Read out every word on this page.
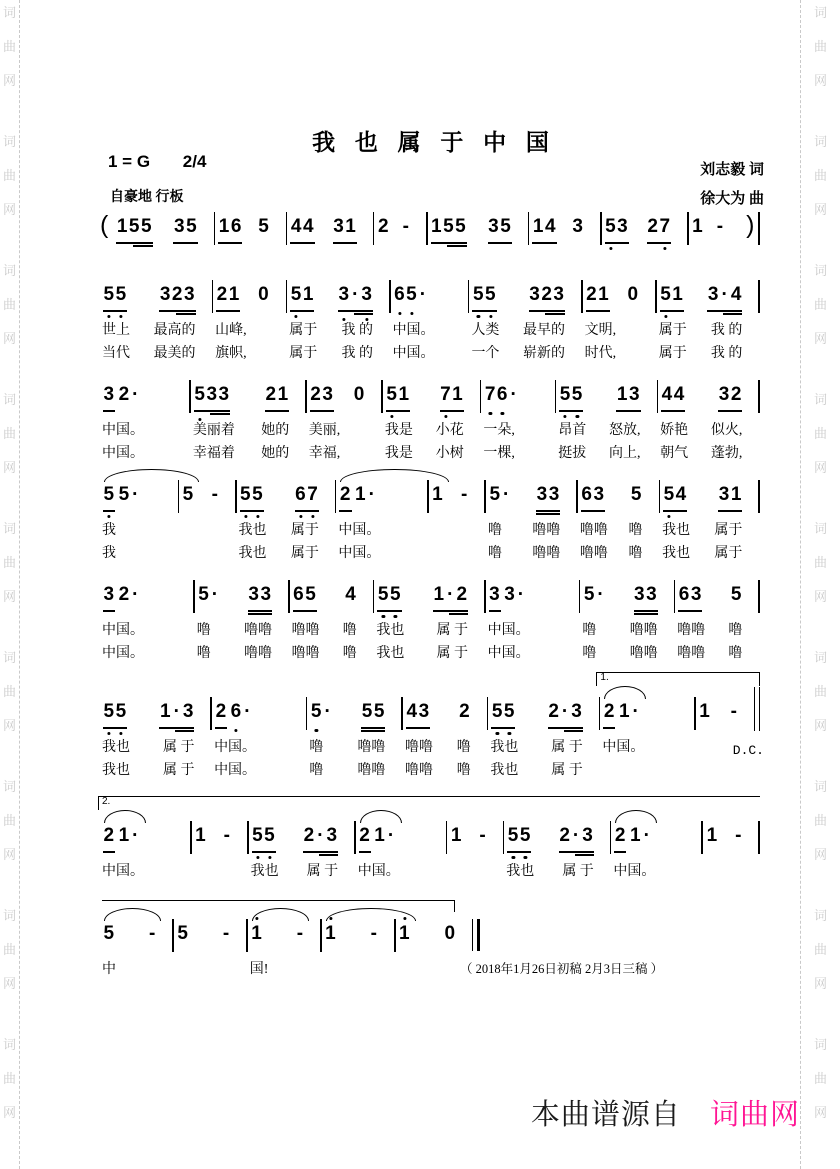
词
曲
网
词
曲
网
词
曲
网
词
曲
网
词
曲
网
词
曲
网
词
曲
网
词
曲
网
词
曲
网
词
曲
网
词
曲
网
词
曲
网
词
曲
网
词
曲
网
词
曲
网
词
曲
网
词
曲
网
词
曲
网
我 也 属 于 中 国
1 = G 2/4
自豪地 行板
刘志毅 词
徐大为 曲
( 155 35 16 5 44 31 2 - 155 35 14 3 5
3 27 1 - )
5
5 323
世上 最高的
当代 最美的
21 0
山峰,
旗帜,
5
1 3 · 3
属于 我 的
属于 我 的
6
5 ·
中国。
中国。
5
5 323
人类 最早的
一个 崭新的
21 0
文明,
时代,
5
1 3 · 4
属于 我 的
属于 我 的
3 2 ·
中国。
中国。
5
33 21
美丽着 她的
幸福着 她的
23 0
美丽,
幸福,
5
1 7
1
我是 小花
我是 小树
7
6 ·
一朵,
一棵,
5
5 13
昂首 怒放,
挺拔 向上,
44 32
娇艳 似火,
朝气 蓬勃,
5 5 ·
我
我
5 - 5
5 6
7
我也 属于
我也 属于
2 1 ·
中国。
中国。
1 - 5 · 33
噜 噜噜
噜 噜噜
63 5
噜噜 噜
噜噜 噜
5
4 31
我也 属于
我也 属于
3 2 ·
中国。
中国。
5 · 33
噜 噜噜
噜 噜噜
65 4
噜噜 噜
噜噜 噜
5
5 1 · 2
我也 属 于
我也 属 于
3 3 ·
中国。
中国。
5 · 33
噜 噜噜
噜 噜噜
63 5
噜噜 噜
噜噜 噜
5
5 1 · 3
我也 属 于
我也 属 于
2 6 ·
中国。
中国。
5 · 55
噜 噜噜
噜 噜噜
43 2
噜噜 噜
噜噜 噜
5
5 2 · 3
我也 属 于
我也 属 于
2 1 ·
中国。
1 -
1.
D.C.
2 1 ·
中国。
1 - 5
5 2 · 3
我也 属 于
2 1 ·
中国。
1 - 5
5 2 · 3
我也 属 于
2 1 ·
中国。
1 -
2.
5 -
中
5 - 1 -
国!
1 - 1 0
（ 2018年1月26日初稿 2月3日三稿 ）
本曲谱源自 词曲网
